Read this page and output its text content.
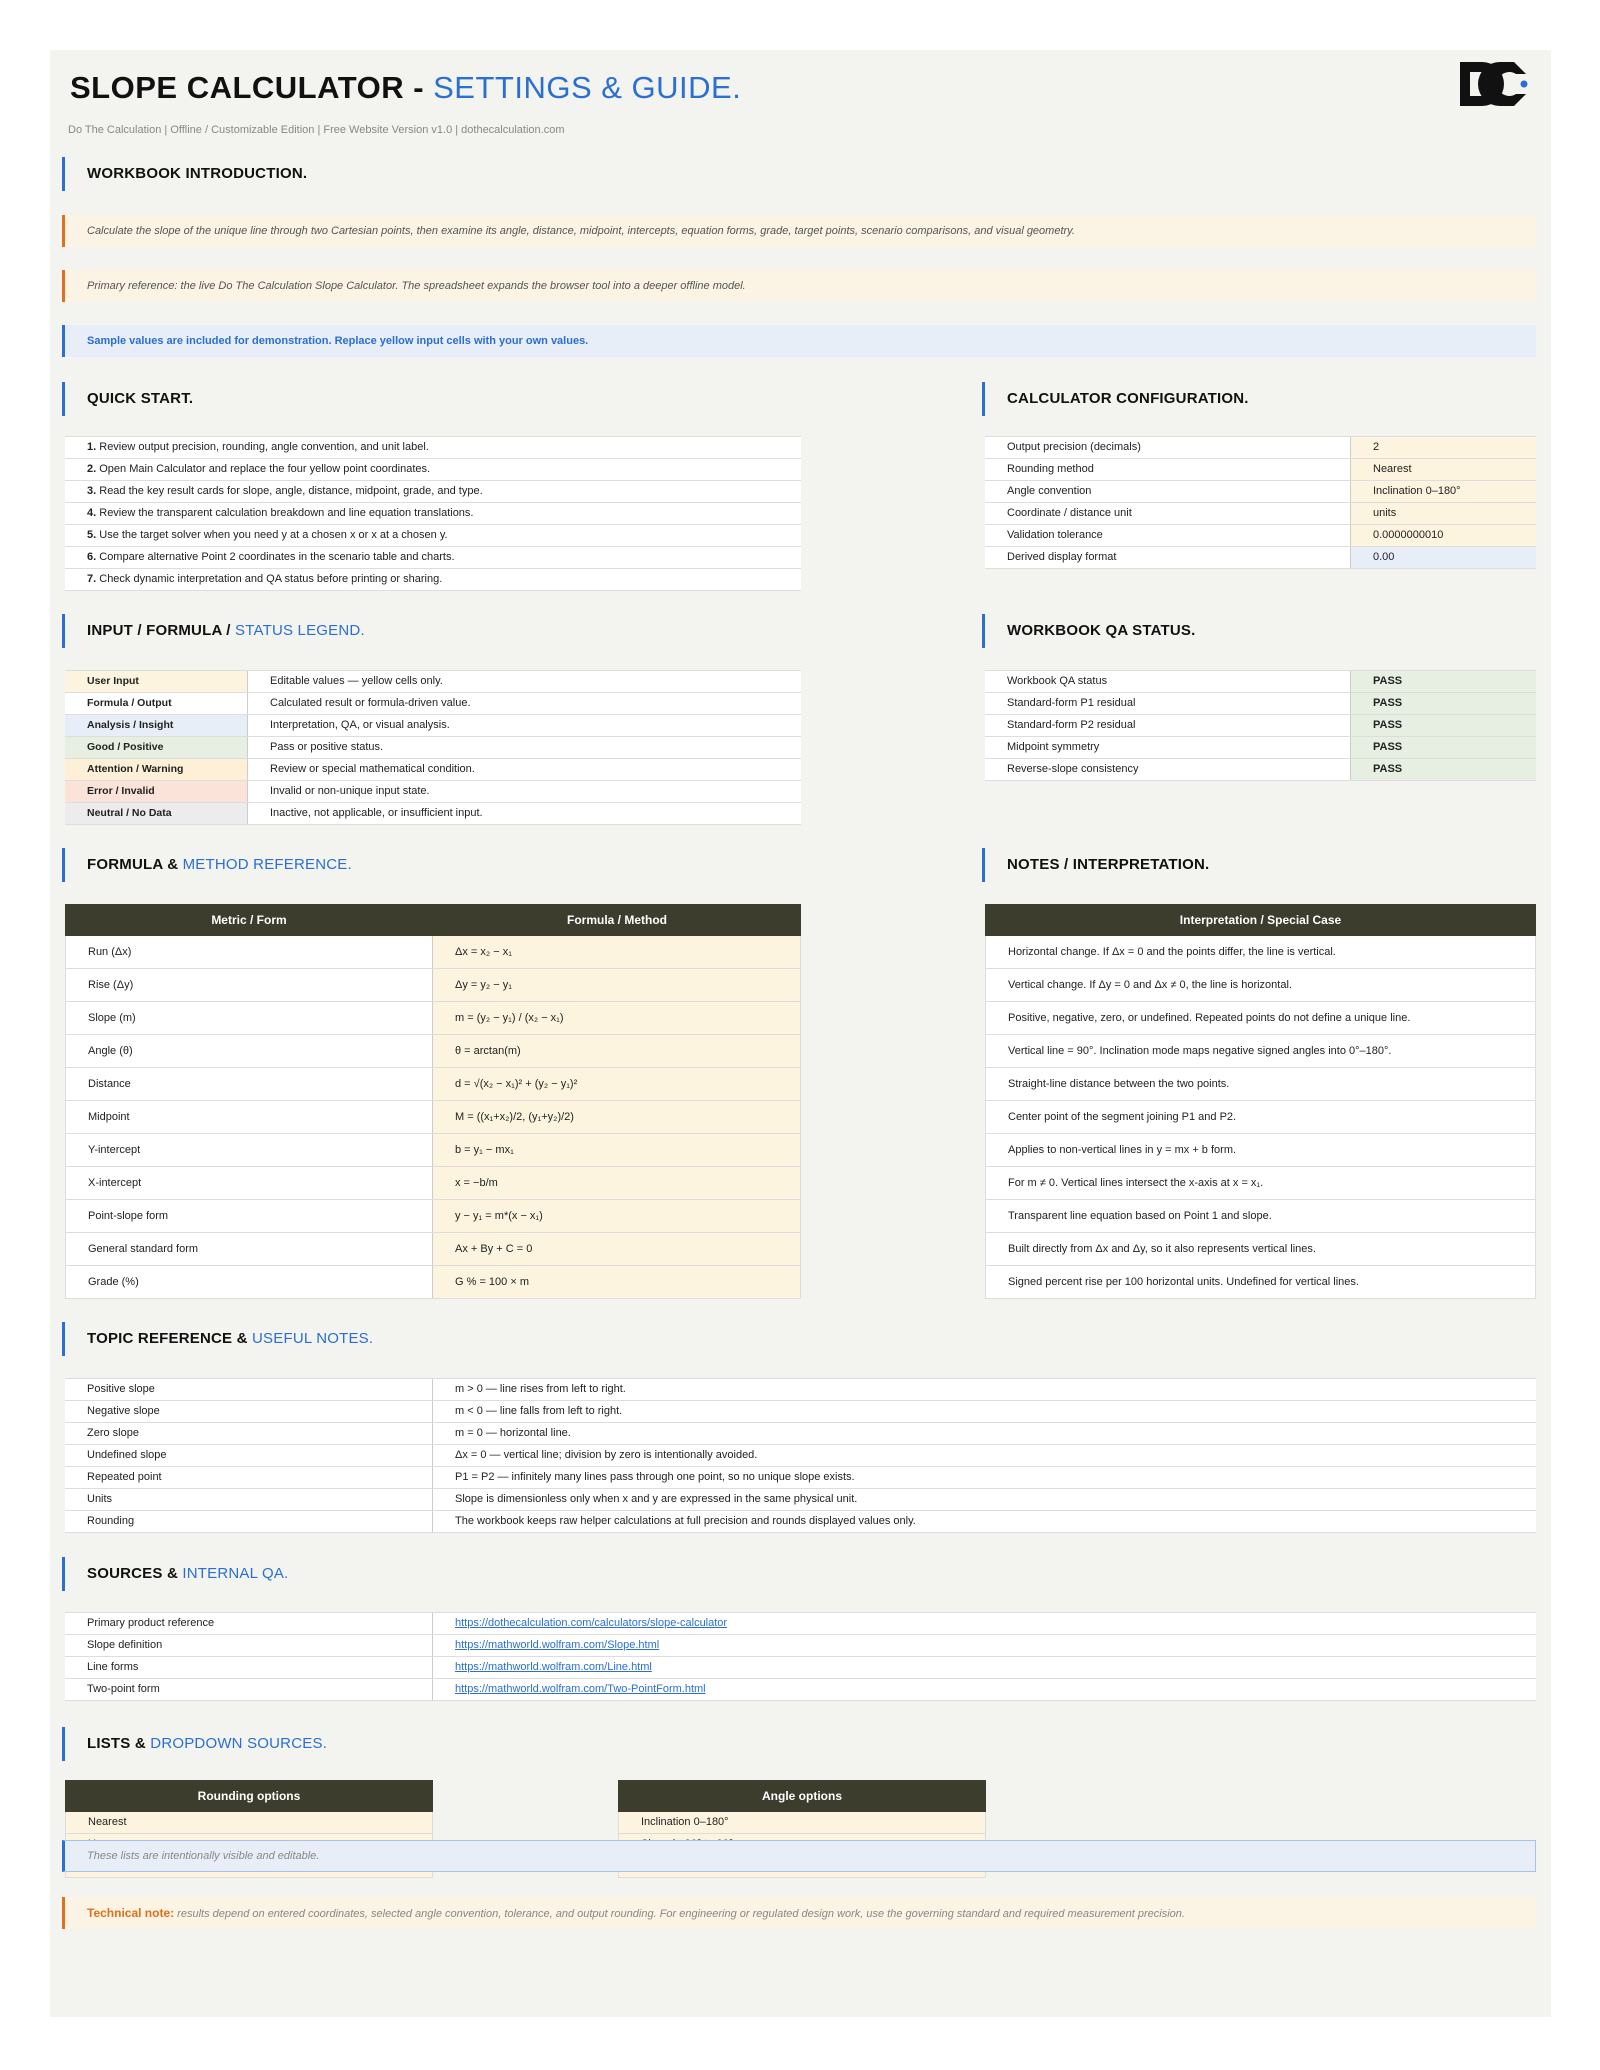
SLOPE CALCULATOR - SETTINGS & GUIDE.
Do The Calculation | Offline / Customizable Edition | Free Website Version v1.0 | dothecalculation.com
WORKBOOK INTRODUCTION.
Calculate the slope of the unique line through two Cartesian points, then examine its angle, distance, midpoint, intercepts, equation forms, grade, target points, scenario comparisons, and visual geometry.
Primary reference: the live Do The Calculation Slope Calculator. The spreadsheet expands the browser tool into a deeper offline model.
Sample values are included for demonstration. Replace yellow input cells with your own values.
QUICK START.
1. Review output precision, rounding, angle convention, and unit label.
2. Open Main Calculator and replace the four yellow point coordinates.
3. Read the key result cards for slope, angle, distance, midpoint, grade, and type.
4. Review the transparent calculation breakdown and line equation translations.
5. Use the target solver when you need y at a chosen x or x at a chosen y.
6. Compare alternative Point 2 coordinates in the scenario table and charts.
7. Check dynamic interpretation and QA status before printing or sharing.
CALCULATOR CONFIGURATION.
Output precision (decimals)	2
Rounding method	Nearest
Angle convention	Inclination 0–180°
Coordinate / distance unit	units
Validation tolerance	0.0000000010
Derived display format	0.00
INPUT / FORMULA / STATUS LEGEND.
User Input	Editable values — yellow cells only.
Formula / Output	Calculated result or formula-driven value.
Analysis / Insight	Interpretation, QA, or visual analysis.
Good / Positive	Pass or positive status.
Attention / Warning	Review or special mathematical condition.
Error / Invalid	Invalid or non-unique input state.
Neutral / No Data	Inactive, not applicable, or insufficient input.
WORKBOOK QA STATUS.
Workbook QA status	PASS
Standard-form P1 residual	PASS
Standard-form P2 residual	PASS
Midpoint symmetry	PASS
Reverse-slope consistency	PASS
FORMULA & METHOD REFERENCE.
Metric / Form	Formula / Method
Run (Δx)	Δx = x₂ − x₁
Rise (Δy)	Δy = y₂ − y₁
Slope (m)	m = (y₂ − y₁) / (x₂ − x₁)
Angle (θ)	θ = arctan(m)
Distance	d = √(x₂ − x₁)² + (y₂ − y₁)²
Midpoint	M = ((x₁+x₂)/2, (y₁+y₂)/2)
Y-intercept	b = y₁ − mx₁
X-intercept	x = −b/m
Point-slope form	y − y₁ = m*(x − x₁)
General standard form	Ax + By + C = 0
Grade (%)	G % = 100 × m
NOTES / INTERPRETATION.
Interpretation / Special Case
Horizontal change. If Δx = 0 and the points differ, the line is vertical.
Vertical change. If Δy = 0 and Δx ≠ 0, the line is horizontal.
Positive, negative, zero, or undefined. Repeated points do not define a unique line.
Vertical line = 90°. Inclination mode maps negative signed angles into 0°–180°.
Straight-line distance between the two points.
Center point of the segment joining P1 and P2.
Applies to non-vertical lines in y = mx + b form.
For m ≠ 0. Vertical lines intersect the x-axis at x = x₁.
Transparent line equation based on Point 1 and slope.
Built directly from Δx and Δy, so it also represents vertical lines.
Signed percent rise per 100 horizontal units. Undefined for vertical lines.
TOPIC REFERENCE & USEFUL NOTES.
Positive slope	m > 0 — line rises from left to right.
Negative slope	m < 0 — line falls from left to right.
Zero slope	m = 0 — horizontal line.
Undefined slope	Δx = 0 — vertical line; division by zero is intentionally avoided.
Repeated point	P1 = P2 — infinitely many lines pass through one point, so no unique slope exists.
Units	Slope is dimensionless only when x and y are expressed in the same physical unit.
Rounding	The workbook keeps raw helper calculations at full precision and rounds displayed values only.
SOURCES & INTERNAL QA.
Primary product reference	https://dothecalculation.com/calculators/slope-calculator
Slope definition	https://mathworld.wolfram.com/Slope.html
Line forms	https://mathworld.wolfram.com/Line.html
Two-point form	https://mathworld.wolfram.com/Two-PointForm.html
LISTS & DROPDOWN SOURCES.
Rounding options
Nearest
Angle options
Inclination 0–180°
These lists are intentionally visible and editable.
Technical note: results depend on entered coordinates, selected angle convention, tolerance, and output rounding. For engineering or regulated design work, use the governing standard and required measurement precision.
